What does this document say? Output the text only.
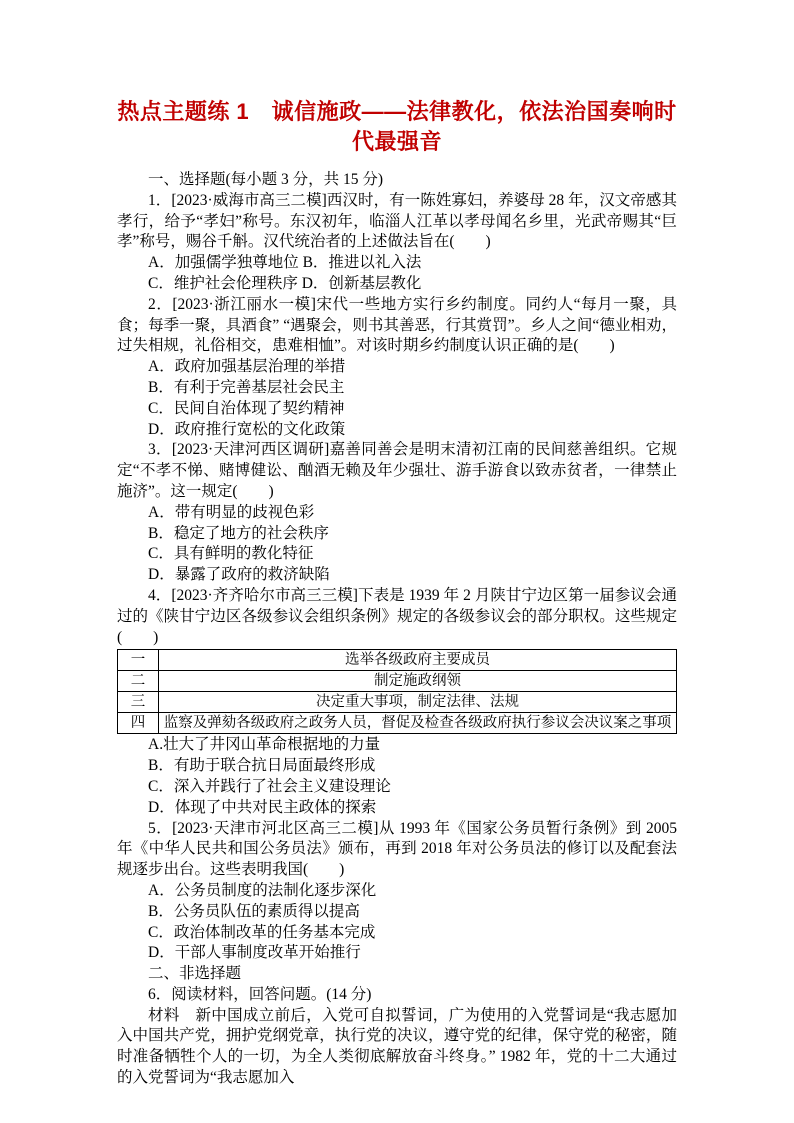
热点主题练 1　诚信施政——法律教化，依法治国奏响时代最强音

一、选择题(每小题 3 分，共 15 分)

1．[2023·威海市高三二模]西汉时，有一陈姓寡妇，养婆母 28 年，汉文帝感其孝行，给予“孝妇”称号。东汉初年，临淄人江革以孝母闻名乡里，光武帝赐其“巨孝”称号，赐谷千斛。汉代统治者的上述做法旨在(　　)

A．加强儒学独尊地位 B．推进以礼入法

C．维护社会伦理秩序 D．创新基层教化

2．[2023·浙江丽水一模]宋代一些地方实行乡约制度。同约人“每月一聚，具食；每季一聚，具酒食” “遇聚会，则书其善恶，行其赏罚”。乡人之间“德业相劝，过失相规，礼俗相交，患难相恤”。对该时期乡约制度认识正确的是(　　)

A．政府加强基层治理的举措

B．有利于完善基层社会民主

C．民间自治体现了契约精神

D．政府推行宽松的文化政策

3．[2023·天津河西区调研]嘉善同善会是明末清初江南的民间慈善组织。它规定“不孝不悌、赌博健讼、酗酒无赖及年少强壮、游手游食以致赤贫者，一律禁止施济”。这一规定(　　)

A．带有明显的歧视色彩

B．稳定了地方的社会秩序

C．具有鲜明的教化特征

D．暴露了政府的救济缺陷

4．[2023·齐齐哈尔市高三三模]下表是 1939 年 2 月陕甘宁边区第一届参议会通过的《陕甘宁边区各级参议会组织条例》规定的各级参议会的部分职权。这些规定(　　)

一	选举各级政府主要成员
二	制定施政纲领
三	决定重大事项，制定法律、法规
四	监察及弹劾各级政府之政务人员，督促及检查各级政府执行参议会决议案之事项

A.壮大了井冈山革命根据地的力量

B．有助于联合抗日局面最终形成

C．深入并践行了社会主义建设理论

D．体现了中共对民主政体的探索

5．[2023·天津市河北区高三二模]从 1993 年《国家公务员暂行条例》到 2005 年《中华人民共和国公务员法》颁布，再到 2018 年对公务员法的修订以及配套法规逐步出台。这些表明我国(　　)

A．公务员制度的法制化逐步深化

B．公务员队伍的素质得以提高

C．政治体制改革的任务基本完成

D．干部人事制度改革开始推行

二、非选择题

6．阅读材料，回答问题。(14 分)

材料　新中国成立前后，入党可自拟誓词，广为使用的入党誓词是“我志愿加入中国共产党，拥护党纲党章，执行党的决议，遵守党的纪律，保守党的秘密，随时准备牺牲个人的一切，为全人类彻底解放奋斗终身。” 1982 年，党的十二大通过的入党誓词为“我志愿加入
